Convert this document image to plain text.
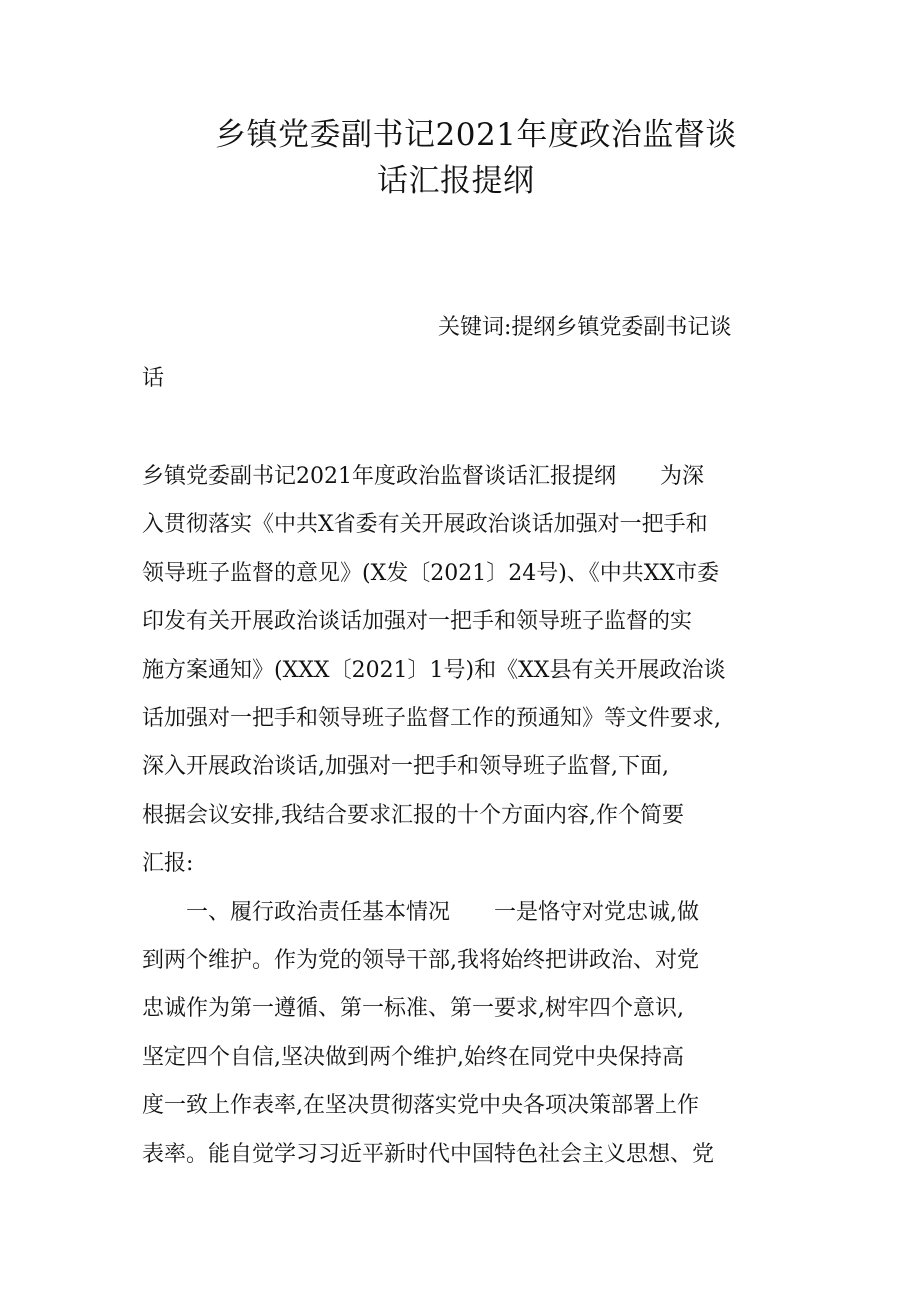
乡镇党委副书记2021年度政治监督谈
话汇报提纲
关键词:提纲乡镇党委副书记谈
话
乡镇党委副书记2021年度政治监督谈话汇报提纲　　为深
入贯彻落实《中共X省委有关开展政治谈话加强对一把手和
领导班子监督的意见》(X发〔2021〕24号)、《中共XX市委
印发有关开展政治谈话加强对一把手和领导班子监督的实
施方案通知》(XXX〔2021〕1号)和《XX县有关开展政治谈
话加强对一把手和领导班子监督工作的预通知》等文件要求,
深入开展政治谈话,加强对一把手和领导班子监督,下面,
根据会议安排,我结合要求汇报的十个方面内容,作个简要
汇报:
一、履行政治责任基本情况　　一是恪守对党忠诚,做
到两个维护。作为党的领导干部,我将始终把讲政治、对党
忠诚作为第一遵循、第一标准、第一要求,树牢四个意识,
坚定四个自信,坚决做到两个维护,始终在同党中央保持高
度一致上作表率,在坚决贯彻落实党中央各项决策部署上作
表率。能自觉学习习近平新时代中国特色社会主义思想、党
